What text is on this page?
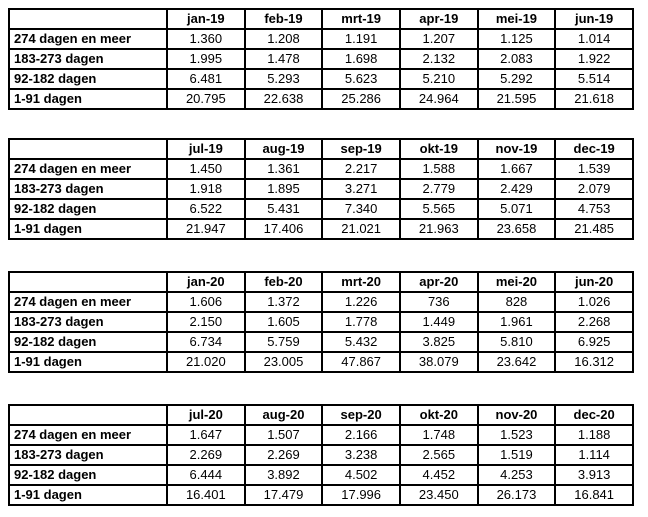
	jan-19	feb-19	mrt-19	apr-19	mei-19	jun-19
274 dagen en meer	1.360	1.208	1.191	1.207	1.125	1.014
183-273 dagen	1.995	1.478	1.698	2.132	2.083	1.922
92-182 dagen	6.481	5.293	5.623	5.210	5.292	5.514
1-91 dagen	20.795	22.638	25.286	24.964	21.595	21.618
	jul-19	aug-19	sep-19	okt-19	nov-19	dec-19
274 dagen en meer	1.450	1.361	2.217	1.588	1.667	1.539
183-273 dagen	1.918	1.895	3.271	2.779	2.429	2.079
92-182 dagen	6.522	5.431	7.340	5.565	5.071	4.753
1-91 dagen	21.947	17.406	21.021	21.963	23.658	21.485
	jan-20	feb-20	mrt-20	apr-20	mei-20	jun-20
274 dagen en meer	1.606	1.372	1.226	736	828	1.026
183-273 dagen	2.150	1.605	1.778	1.449	1.961	2.268
92-182 dagen	6.734	5.759	5.432	3.825	5.810	6.925
1-91 dagen	21.020	23.005	47.867	38.079	23.642	16.312
	jul-20	aug-20	sep-20	okt-20	nov-20	dec-20
274 dagen en meer	1.647	1.507	2.166	1.748	1.523	1.188
183-273 dagen	2.269	2.269	3.238	2.565	1.519	1.114
92-182 dagen	6.444	3.892	4.502	4.452	4.253	3.913
1-91 dagen	16.401	17.479	17.996	23.450	26.173	16.841
